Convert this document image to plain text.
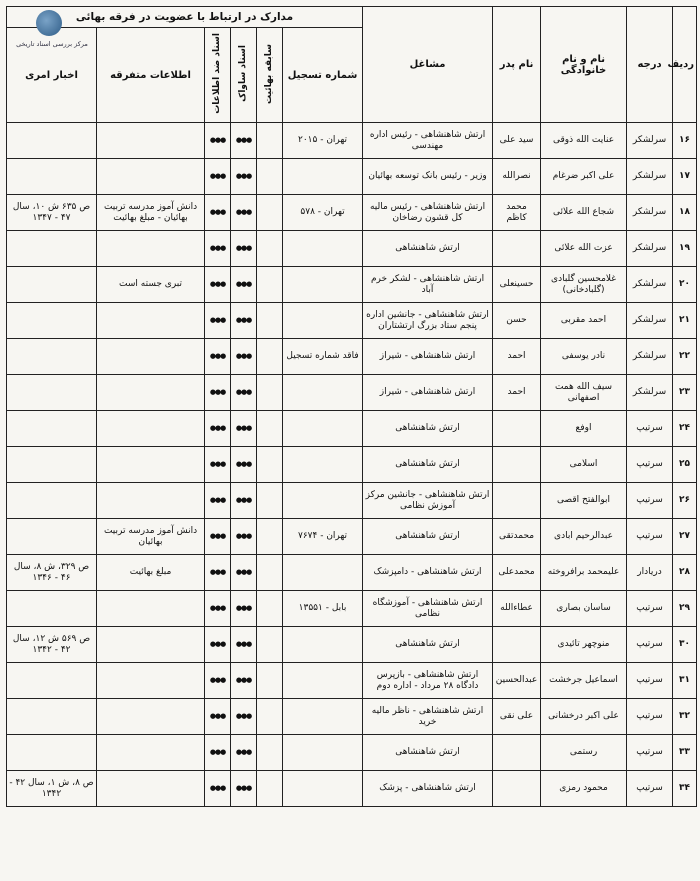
ردیف	درجه	نام و نام خانوادگی	نام پدر	مشاغل	مدارک در ارتباط با عضویت در فرقه بهائی					
					شماره تسجیل	سابقه بهائیت	اسناد ساواک	اسناد ضد اطلاعات	اطلاعات متفرقه	اخبار امری
۱۶	سرلشکر	عنایت الله ذوقی	سید علی	ارتش شاهنشاهی - رئیس اداره مهندسی	تهران - ۲۰۱۵		●●●	●●●		
۱۷	سرلشکر	علی اکبر ضرغام	نصرالله	وزیر - رئیس بانک توسعه بهائیان			●●●	●●●		
۱۸	سرلشکر	شجاع الله علائی	محمد کاظم	ارتش شاهنشاهی - رئیس مالیه کل قشون رضاخان	تهران - ۵۷۸		●●●	●●●	دانش آموز مدرسه تربیت بهائیان - مبلغ بهائیت	ص ۶۳۵ ش ۱۰، سال ۴۷ - ۱۳۴۷
۱۹	سرلشکر	عزت الله علائی		ارتش شاهنشاهی			●●●	●●●		
۲۰	سرلشکر	غلامحسین گلبادی (گلبادخانی)	حسینعلی	ارتش شاهنشاهی - لشکر خرم آباد			●●●	●●●	تبری جسته است	
۲۱	سرلشکر	احمد مقربی	حسن	ارتش شاهنشاهی - جانشین اداره پنجم ستاد بزرگ ارتشتاران			●●●	●●●		
۲۲	سرلشکر	نادر یوسفی	احمد	ارتش شاهنشاهی - شیراز	فاقد شماره تسجیل		●●●	●●●		
۲۳	سرلشکر	سیف الله همت اصفهانی	احمد	ارتش شاهنشاهی - شیراز			●●●	●●●		
۲۴	سرتیپ	اوفع		ارتش شاهنشاهی			●●●	●●●		
۲۵	سرتیپ	اسلامی		ارتش شاهنشاهی			●●●	●●●		
۲۶	سرتیپ	ابوالفتح اقصی		ارتش شاهنشاهی - جانشین مرکز آموزش نظامی			●●●	●●●		
۲۷	سرتیپ	عبدالرحیم ابادی	محمدتقی	ارتش شاهنشاهی	تهران - ۷۶۷۴		●●●	●●●	دانش آموز مدرسه تربیت بهائیان	
۲۸	دریادار	علیمحمد برافروخته	محمدعلی	ارتش شاهنشاهی - دامپزشک			●●●	●●●	مبلغ بهائیت	ص ۳۲۹، ش ۸، سال ۴۶ - ۱۳۴۶
۲۹	سرتیپ	ساسان بصاری	عطاءالله	ارتش شاهنشاهی - آموزشگاه نظامی	بابل - ۱۳۵۵۱		●●●	●●●		
۳۰	سرتیپ	منوچهر تائیدی		ارتش شاهنشاهی			●●●	●●●		ص ۵۶۹ ش ۱۲، سال ۴۲ - ۱۳۴۲
۳۱	سرتیپ	اسماعیل جرخشت	عبدالحسین	ارتش شاهنشاهی - بازپرس دادگاه ۲۸ مرداد - اداره دوم			●●●	●●●		
۳۲	سرتیپ	علی اکبر درخشانی	علی نقی	ارتش شاهنشاهی - ناظر مالیه خرید			●●●	●●●		
۳۳	سرتیپ	رستمی		ارتش شاهنشاهی			●●●	●●●		
۳۴	سرتیپ	محمود رمزی		ارتش شاهنشاهی - پزشک			●●●	●●●		ص ۸، ش ۱، سال ۴۲ - ۱۳۴۲
مرکز بررسی اسناد تاریخی
